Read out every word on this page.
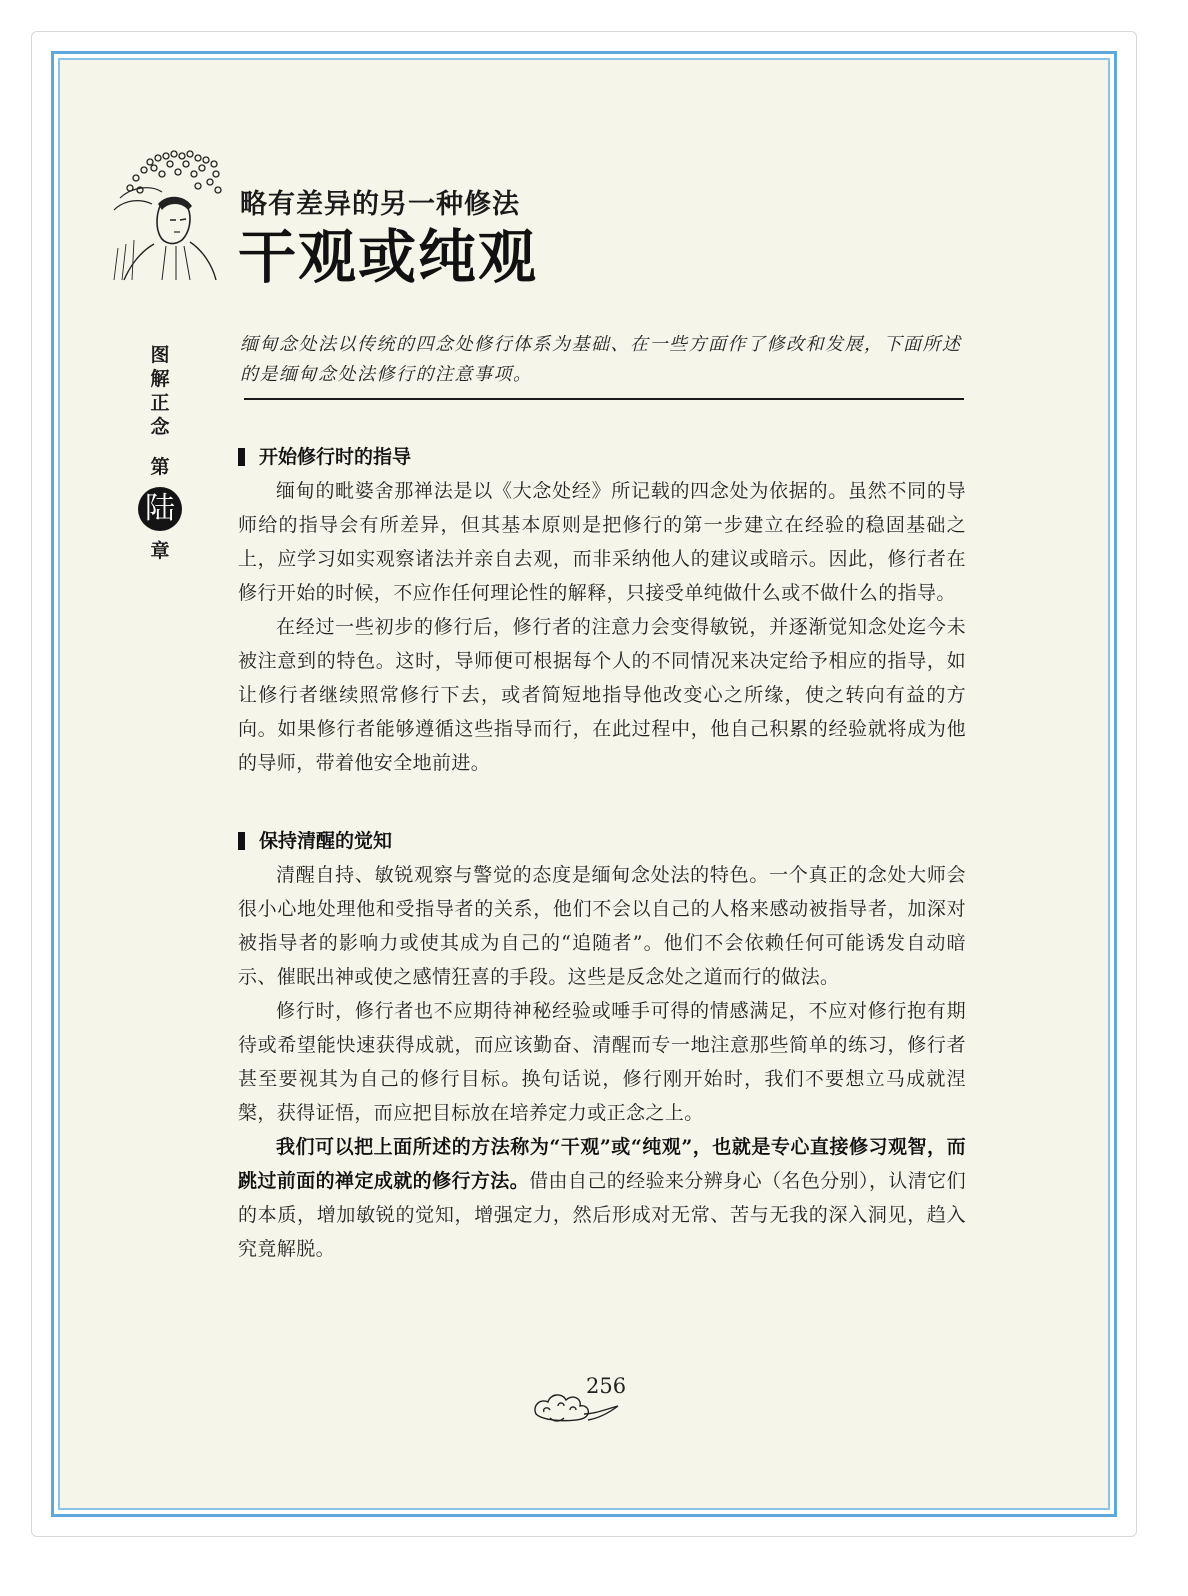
略有差异的另一种修法
干观或纯观
图解正念
第
陆
章
缅甸念处法以传统的四念处修行体系为基础、在一些方面作了修改和发展，下面所述的是缅甸念处法修行的注意事项。
开始修行时的指导

缅甸的毗婆舍那禅法是以《大念处经》所记载的四念处为依据的。虽然不同的导师给的指导会有所差异，但其基本原则是把修行的第一步建立在经验的稳固基础之上，应学习如实观察诸法并亲自去观，而非采纳他人的建议或暗示。因此，修行者在修行开始的时候，不应作任何理论性的解释，只接受单纯做什么或不做什么的指导。

在经过一些初步的修行后，修行者的注意力会变得敏锐，并逐渐觉知念处迄今未被注意到的特色。这时，导师便可根据每个人的不同情况来决定给予相应的指导，如让修行者继续照常修行下去，或者简短地指导他改变心之所缘，使之转向有益的方向。如果修行者能够遵循这些指导而行，在此过程中，他自己积累的经验就将成为他的导师，带着他安全地前进。

保持清醒的觉知

清醒自持、敏锐观察与警觉的态度是缅甸念处法的特色。一个真正的念处大师会很小心地处理他和受指导者的关系，他们不会以自己的人格来感动被指导者，加深对被指导者的影响力或使其成为自己的“追随者”。他们不会依赖任何可能诱发自动暗示、催眠出神或使之感情狂喜的手段。这些是反念处之道而行的做法。

修行时，修行者也不应期待神秘经验或唾手可得的情感满足，不应对修行抱有期待或希望能快速获得成就，而应该勤奋、清醒而专一地注意那些简单的练习，修行者甚至要视其为自己的修行目标。换句话说，修行刚开始时，我们不要想立马成就涅槃，获得证悟，而应把目标放在培养定力或正念之上。

我们可以把上面所述的方法称为“干观”或“纯观”，也就是专心直接修习观智，而跳过前面的禅定成就的修行方法。借由自己的经验来分辨身心（名色分别），认清它们的本质，增加敏锐的觉知，增强定力，然后形成对无常、苦与无我的深入洞见，趋入究竟解脱。

256
